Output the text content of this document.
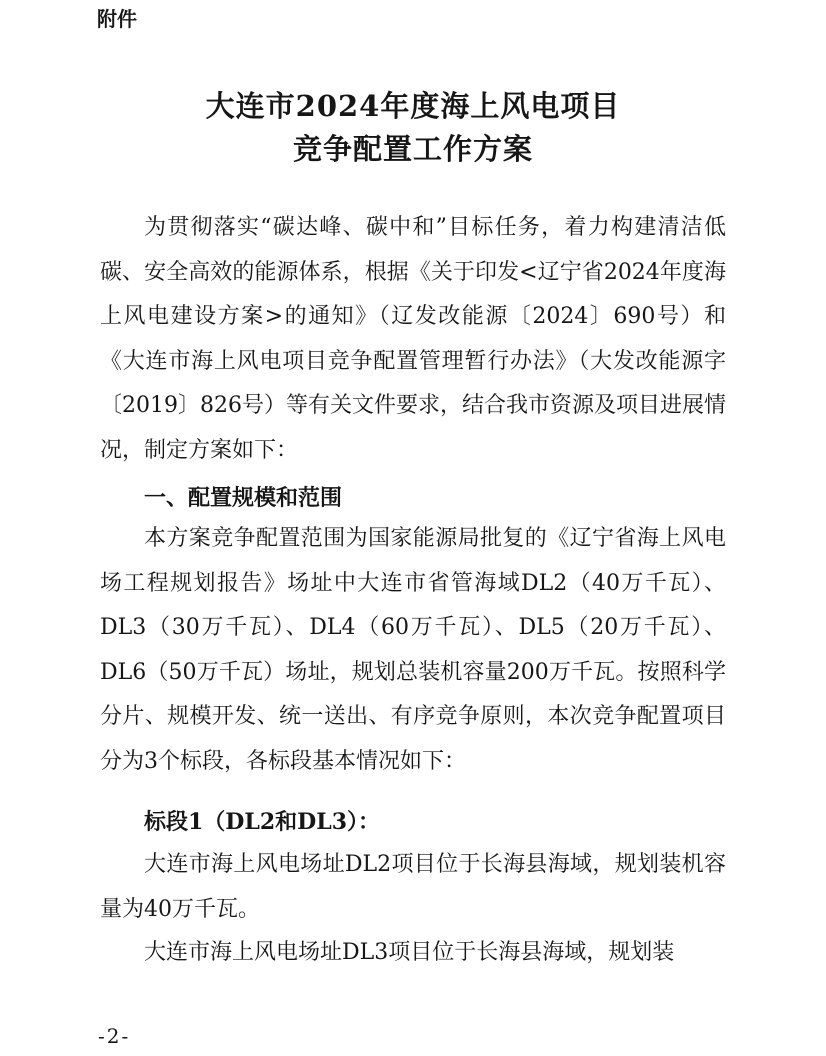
附件
大连市2024年度海上风电项目
竞争配置工作方案

为贯彻落实“碳达峰、碳中和”目标任务，着力构建清洁低碳、安全高效的能源体系，根据《关于印发<辽宁省2024年度海上风电建设方案>的通知》（辽发改能源〔2024〕690号）和《大连市海上风电项目竞争配置管理暂行办法》（大发改能源字〔2019〕826号）等有关文件要求，结合我市资源及项目进展情况，制定方案如下：

一、配置规模和范围

本方案竞争配置范围为国家能源局批复的《辽宁省海上风电场工程规划报告》场址中大连市省管海域DL2（40万千瓦）、DL3（30万千瓦）、DL4（60万千瓦）、DL5（20万千瓦）、DL6（50万千瓦）场址，规划总装机容量200万千瓦。按照科学分片、规模开发、统一送出、有序竞争原则，本次竞争配置项目分为3个标段，各标段基本情况如下：

标段1（DL2和DL3）：

大连市海上风电场址DL2项目位于长海县海域，规划装机容量为40万千瓦。

大连市海上风电场址DL3项目位于长海县海域，规划装

-2-
